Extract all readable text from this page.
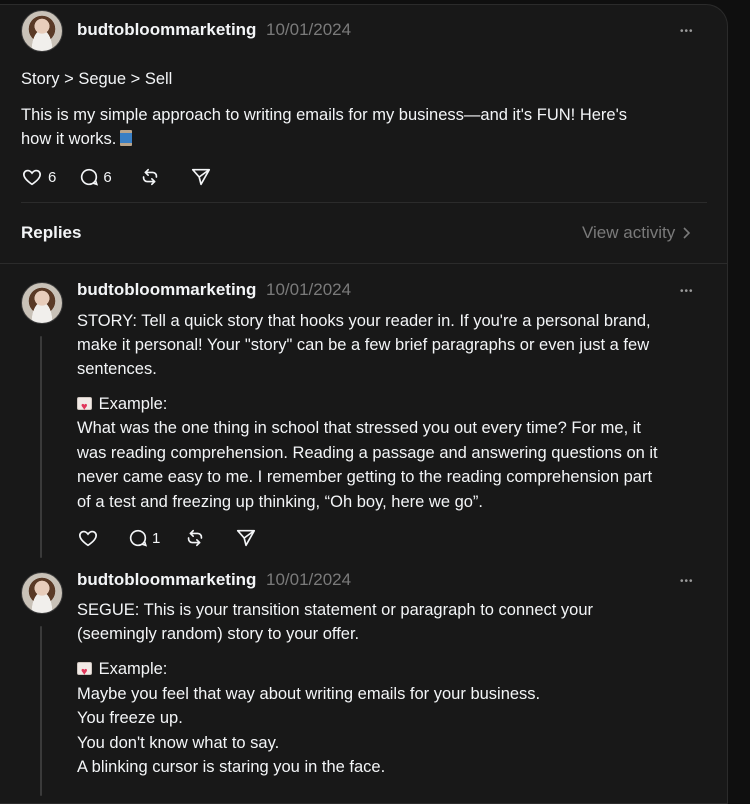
budtobloommarketing 10/01/2024	•••
Story > Segue > Sell
This is my simple approach to writing emails for my business—and it's FUN! Here's
how it works.
6	6
Replies	View activity
budtobloommarketing 10/01/2024	•••
STORY: Tell a quick story that hooks your reader in. If you're a personal brand,
make it personal! Your "story" can be a few brief paragraphs or even just a few
sentences.
♥ Example:
What was the one thing in school that stressed you out every time? For me, it
was reading comprehension. Reading a passage and answering questions on it
never came easy to me. I remember getting to the reading comprehension part
of a test and freezing up thinking, “Oh boy, here we go”.
1
budtobloommarketing 10/01/2024	•••
SEGUE: This is your transition statement or paragraph to connect your
(seemingly random) story to your offer.
♥ Example:
Maybe you feel that way about writing emails for your business.
You freeze up.
You don't know what to say.
A blinking cursor is staring you in the face.
